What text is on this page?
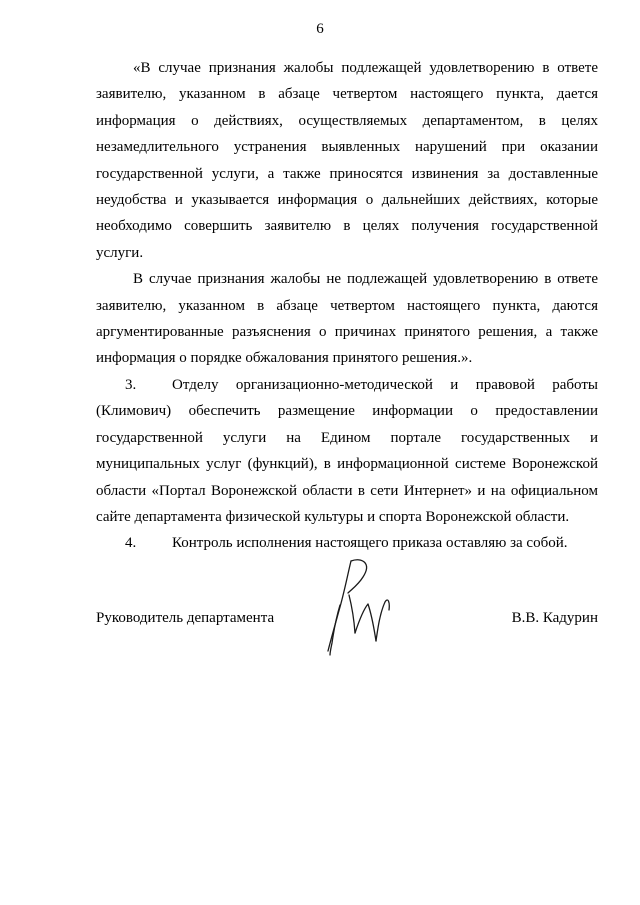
6

«В случае признания жалобы подлежащей удовлетворению в ответе заявителю, указанном в абзаце четвертом настоящего пункта, дается информация о действиях, осуществляемых департаментом, в целях незамедлительного устранения выявленных нарушений при оказании государственной услуги, а также приносятся извинения за доставленные неудобства и указывается информация о дальнейших действиях, которые необходимо совершить заявителю в целях получения государственной услуги.

В случае признания жалобы не подлежащей удовлетворению в ответе заявителю, указанном в абзаце четвертом настоящего пункта, даются аргументированные разъяснения о причинах принятого решения, а также информация о порядке обжалования принятого решения.».

3. Отделу организационно-методической и правовой работы (Климович) обеспечить размещение информации о предоставлении государственной услуги на Едином портале государственных и муниципальных услуг (функций), в информационной системе Воронежской области «Портал Воронежской области в сети Интернет» и на официальном сайте департамента физической культуры и спорта Воронежской области.

4. Контроль исполнения настоящего приказа оставляю за собой.

Руководитель департамента	В.В. Кадурин
